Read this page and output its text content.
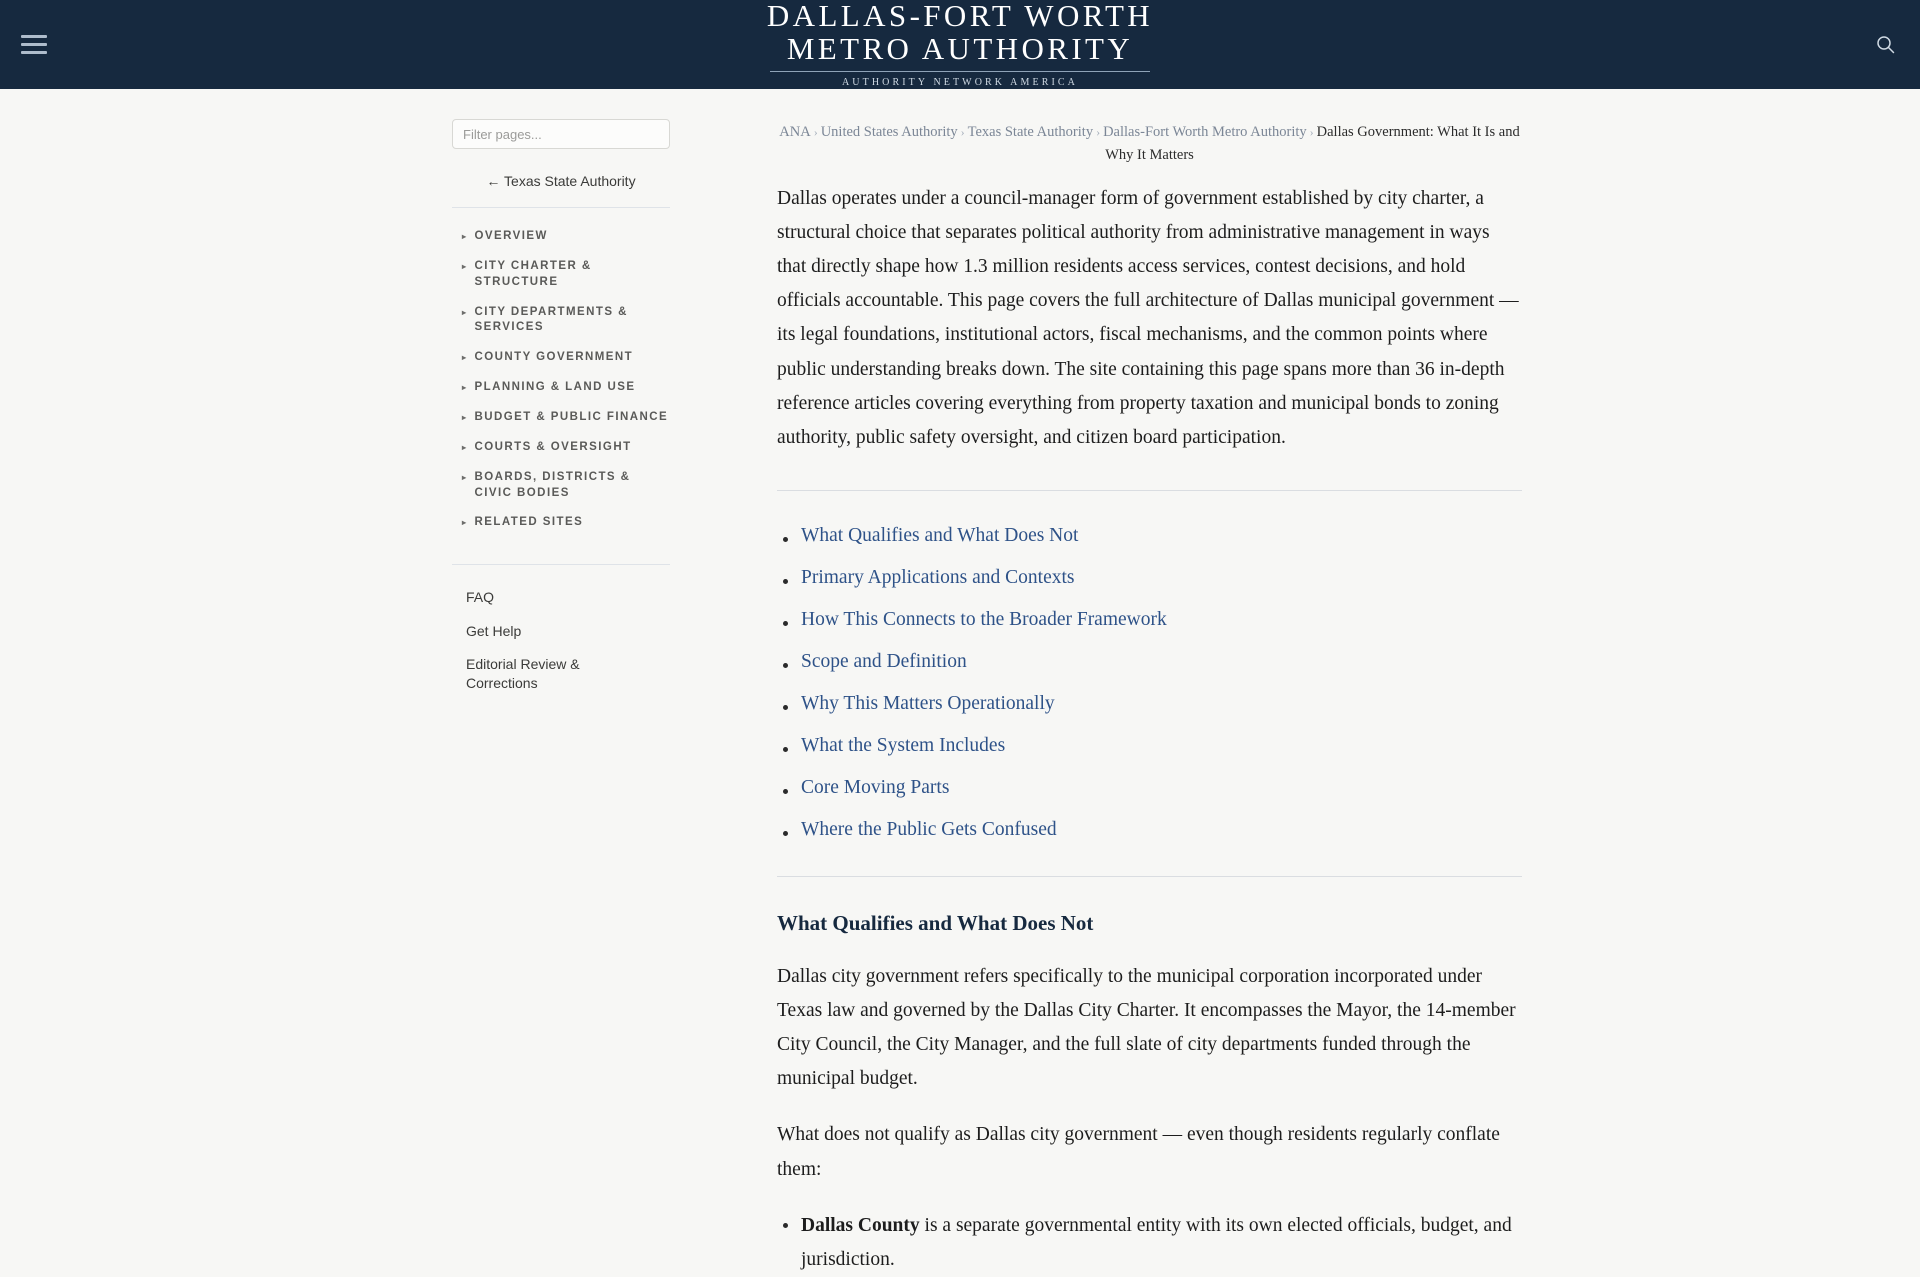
DALLAS-FORT WORTH
METRO AUTHORITY
AUTHORITY NETWORK AMERICA
Filter pages...
← Texas State Authority
▸ OVERVIEW
▸ CITY CHARTER & STRUCTURE
▸ CITY DEPARTMENTS & SERVICES
▸ COUNTY GOVERNMENT
▸ PLANNING & LAND USE
▸ BUDGET & PUBLIC FINANCE
▸ COURTS & OVERSIGHT
▸ BOARDS, DISTRICTS & CIVIC BODIES
▸ RELATED SITES
FAQ
Get Help
Editorial Review & Corrections
ANA › United States Authority › Texas State Authority › Dallas-Fort Worth Metro Authority › Dallas Government: What It Is and Why It Matters

Dallas operates under a council-manager form of government established by city charter, a structural choice that separates political authority from administrative management in ways that directly shape how 1.3 million residents access services, contest decisions, and hold officials accountable. This page covers the full architecture of Dallas municipal government — its legal foundations, institutional actors, fiscal mechanisms, and the common points where public understanding breaks down. The site containing this page spans more than 36 in-depth reference articles covering everything from property taxation and municipal bonds to zoning authority, public safety oversight, and citizen board participation.

What Qualifies and What Does Not
Primary Applications and Contexts
How This Connects to the Broader Framework
Scope and Definition
Why This Matters Operationally
What the System Includes
Core Moving Parts
Where the Public Gets Confused
What Qualifies and What Does Not

Dallas city government refers specifically to the municipal corporation incorporated under Texas law and governed by the Dallas City Charter. It encompasses the Mayor, the 14-member City Council, the City Manager, and the full slate of city departments funded through the municipal budget.

What does not qualify as Dallas city government — even though residents regularly conflate them:

Dallas County is a separate governmental entity with its own elected officials, budget, and jurisdiction.
